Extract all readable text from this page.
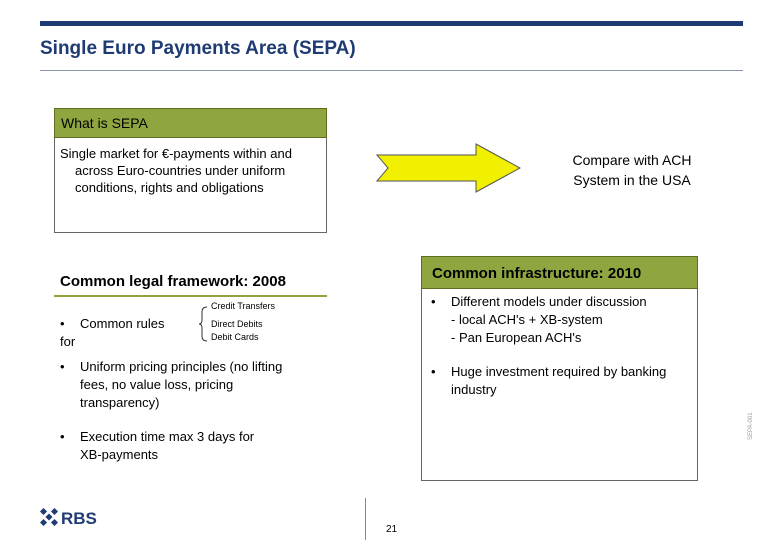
Single Euro Payments Area (SEPA)
What is SEPA
Single market for €-payments within and
across Euro-countries under uniform
conditions, rights and obligations
Compare with ACH
System in the USA
Common legal framework: 2008
• Common rules for
Credit Transfers
Direct Debits
Debit Cards
• Uniform pricing principles (no lifting
fees, no value loss, pricing
transparency)
• Execution time max 3 days for
XB-payments
Common infrastructure: 2010
• Different models under discussion
- local ACH's + XB-system
- Pan European ACH's
• Huge investment required by banking
industry
SEPA-001
RBS
21
